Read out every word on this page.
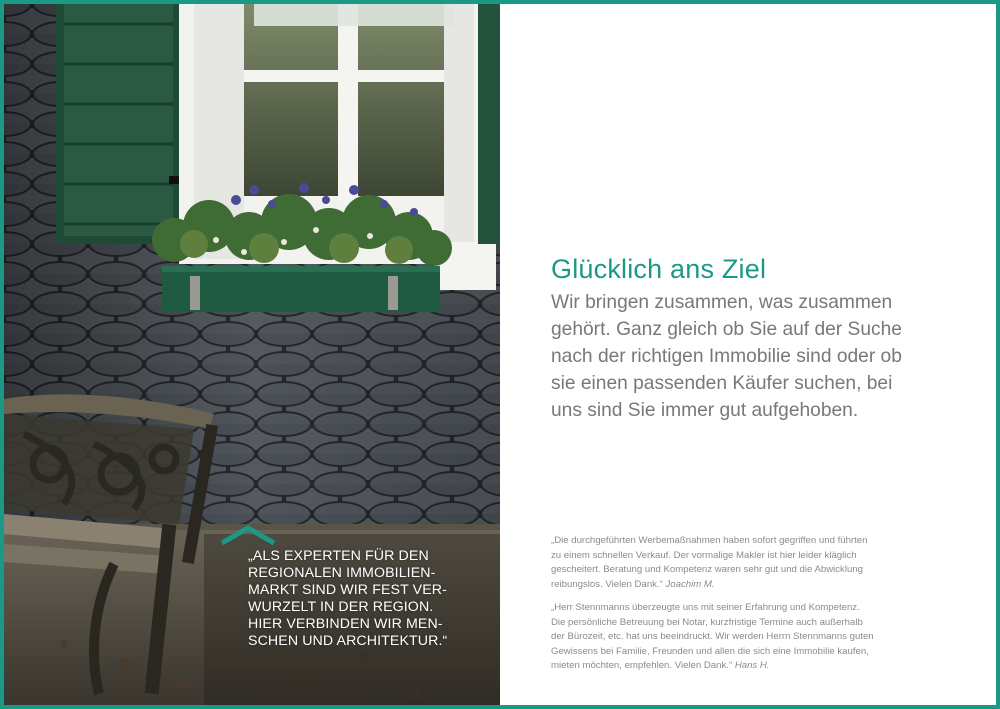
„ALS EXPERTEN FÜR DEN
REGIONALEN IMMOBILIEN-
MARKT SIND WIR FEST VER-
WURZELT IN DER REGION.
HIER VERBINDEN WIR MEN-
SCHEN UND ARCHITEKTUR.“
Glücklich ans Ziel

Wir bringen zusammen, was zusammen
gehört. Ganz gleich ob Sie auf der Suche
nach der richtigen Immobilie sind oder ob
sie einen passenden Käufer suchen, bei
uns sind Sie immer gut aufgehoben.

„Die durchgeführten Werbemaßnahmen haben sofort gegriffen und führten
zu einem schnellen Verkauf. Der vormalige Makler ist hier leider kläglich
gescheitert. Beratung und Kompetenz waren sehr gut und die Abwicklung
reibungslos. Vielen Dank.“ Joachim M.

„Herr Stennmanns überzeugte uns mit seiner Erfahrung und Kompetenz.
Die persönliche Betreuung bei Notar, kurzfristige Termine auch außerhalb
der Bürozeit, etc. hat uns beeindruckt. Wir werden Herrn Stennmanns guten
Gewissens bei Familie, Freunden und allen die sich eine Immobilie kaufen,
mieten möchten, empfehlen. Vielen Dank.“ Hans H.
